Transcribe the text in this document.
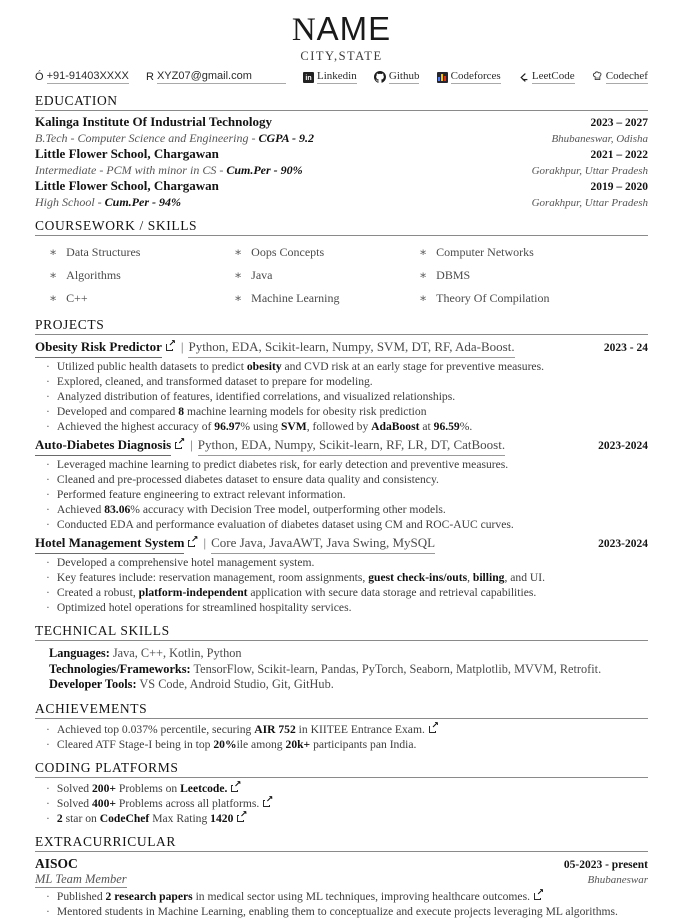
NAME
CITY,STATE
Ó +91-91403XXXX R XYZ07@gmail.com	in Linkedin	Github	Codeforces	LeetCode	Codechef
EDUCATION
Kalinga Institute Of Industrial Technology	2023 – 2027
B.Tech - Computer Science and Engineering - CGPA - 9.2	Bhubaneswar, Odisha
Little Flower School, Chargawan	2021 – 2022
Intermediate - PCM with minor in CS - Cum.Per - 90%	Gorakhpur, Uttar Pradesh
Little Flower School, Chargawan	2019 – 2020
High School - Cum.Per - 94%	Gorakhpur, Uttar Pradesh
COURSEWORK / SKILLS
∗ Data Structures	∗ Oops Concepts	∗ Computer Networks
∗ Algorithms	∗ Java	∗ DBMS
∗ C++	∗ Machine Learning	∗ Theory Of Compilation
PROJECTS
Obesity Risk Predictor ↗ | Python, EDA, Scikit-learn, Numpy, SVM, DT, RF, Ada-Boost.	2023 - 24
· Utilized public health datasets to predict obesity and CVD risk at an early stage for preventive measures.
· Explored, cleaned, and transformed dataset to prepare for modeling.
· Analyzed distribution of features, identified correlations, and visualized relationships.
· Developed and compared 8 machine learning models for obesity risk prediction
· Achieved the highest accuracy of 96.97% using SVM, followed by AdaBoost at 96.59%.
Auto-Diabetes Diagnosis ↗ | Python, EDA, Numpy, Scikit-learn, RF, LR, DT, CatBoost.	2023-2024
· Leveraged machine learning to predict diabetes risk, for early detection and preventive measures.
· Cleaned and pre-processed diabetes dataset to ensure data quality and consistency.
· Performed feature engineering to extract relevant information.
· Achieved 83.06% accuracy with Decision Tree model, outperforming other models.
· Conducted EDA and performance evaluation of diabetes dataset using CM and ROC-AUC curves.
Hotel Management System ↗ | Core Java, JavaAWT, Java Swing, MySQL	2023-2024
· Developed a comprehensive hotel management system.
· Key features include: reservation management, room assignments, guest check-ins/outs, billing, and UI.
· Created a robust, platform-independent application with secure data storage and retrieval capabilities.
· Optimized hotel operations for streamlined hospitality services.
TECHNICAL SKILLS
Languages: Java, C++, Kotlin, Python
Technologies/Frameworks: TensorFlow, Scikit-learn, Pandas, PyTorch, Seaborn, Matplotlib, MVVM, Retrofit.
Developer Tools: VS Code, Android Studio, Git, GitHub.
ACHIEVEMENTS
· Achieved top 0.037% percentile, securing AIR 752 in KIITEE Entrance Exam.↗
· Cleared ATF Stage-I being in top 20%ile among 20k+ participants pan India.
CODING PLATFORMS
· Solved 200+ Problems on Leetcode.↗
· Solved 400+ Problems across all platforms.↗
· 2 star on CodeChef Max Rating 1420↗
EXTRACURRICULAR
AISOC	05-2023 - present
ML Team Member	Bhubaneswar
· Published 2 research papers in medical sector using ML techniques, improving healthcare outcomes.↗
· Mentored students in Machine Learning, enabling them to conceptualize and execute projects leveraging ML algorithms.
